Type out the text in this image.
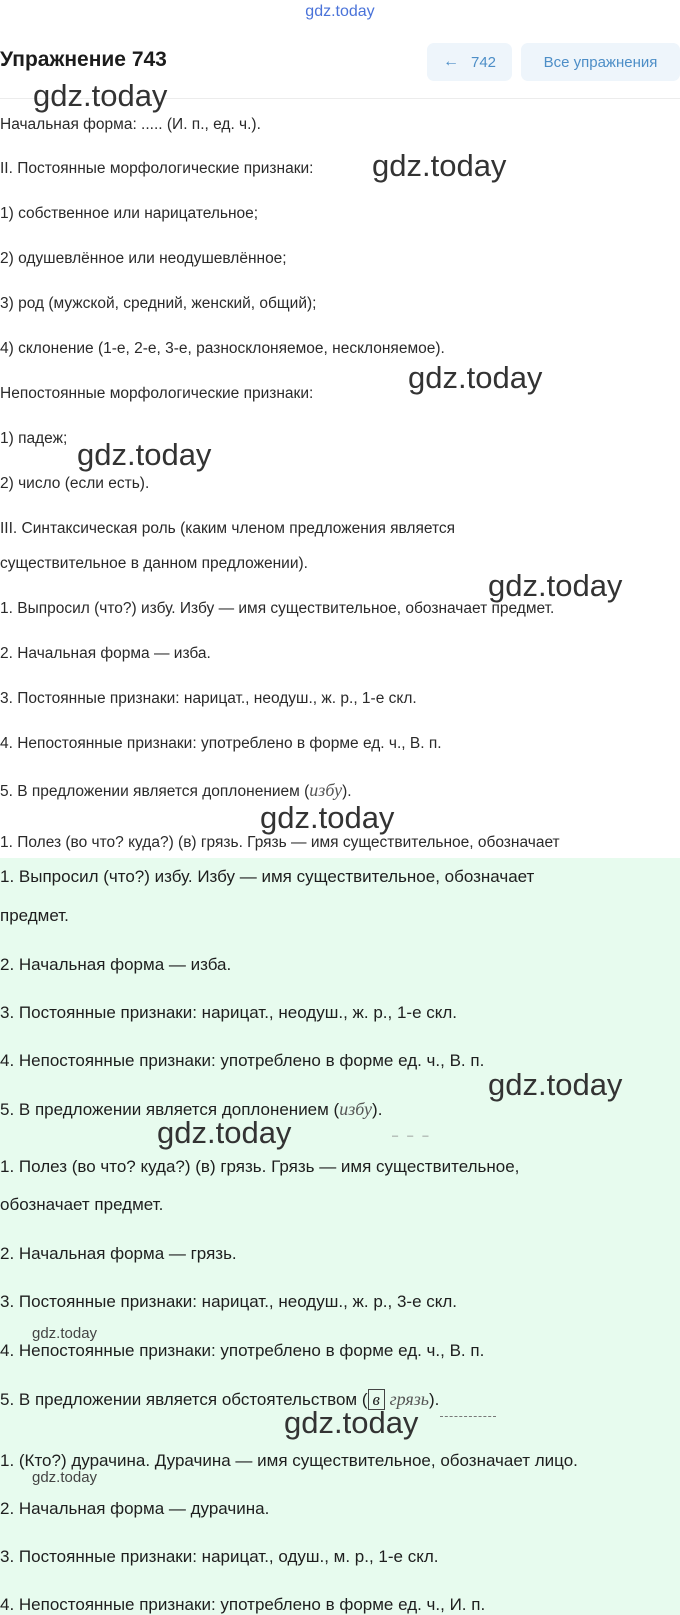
gdz.today
Упражнение 743	← 742	Все упражнения
Начальная форма: ..... (И. п., ед. ч.).
II. Постоянные морфологические признаки:
1) собственное или нарицательное;
2) одушевлённое или неодушевлённое;
3) род (мужской, средний, женский, общий);
4) склонение (1-е, 2-е, 3-е, разносклоняемое, несклоняемое).
Непостоянные морфологические признаки:
1) падеж;
2) число (если есть).
III. Синтаксическая роль (каким членом предложения является
существительное в данном предложении).
1. Выпросил (что?) избу. Избу — имя существительное, обозначает предмет.
2. Начальная форма — изба.
3. Постоянные признаки: нарицат., неодуш., ж. р., 1-е скл.
4. Непостоянные признаки: употреблено в форме ед. ч., В. п.
5. В предложении является доплонением (избу).
1. Полез (во что? куда?) (в) грязь. Грязь — имя существительное, обозначает
1. Выпросил (что?) избу. Избу — имя существительное, обозначает
предмет.
2. Начальная форма — изба.
3. Постоянные признаки: нарицат., неодуш., ж. р., 1-е скл.
4. Непостоянные признаки: употреблено в форме ед. ч., В. п.
5. В предложении является доплонением (избу).
‒ ‒ ‒
1. Полез (во что? куда?) (в) грязь. Грязь — имя существительное,
обозначает предмет.
2. Начальная форма — грязь.
3. Постоянные признаки: нарицат., неодуш., ж. р., 3-е скл.
4. Непостоянные признаки: употреблено в форме ед. ч., В. п.
5. В предложении является обстоятельством ( в грязь).
1. (Кто?) дурачина. Дурачина — имя существительное, обозначает лицо.
2. Начальная форма — дурачина.
3. Постоянные признаки: нарицат., одуш., м. р., 1-е скл.
4. Непостоянные признаки: употреблено в форме ед. ч., И. п.
gdz.today
gdz.today
gdz.today
gdz.today
gdz.today
gdz.today
gdz.today
gdz.today
gdz.today
gdz.today
gdz.today
